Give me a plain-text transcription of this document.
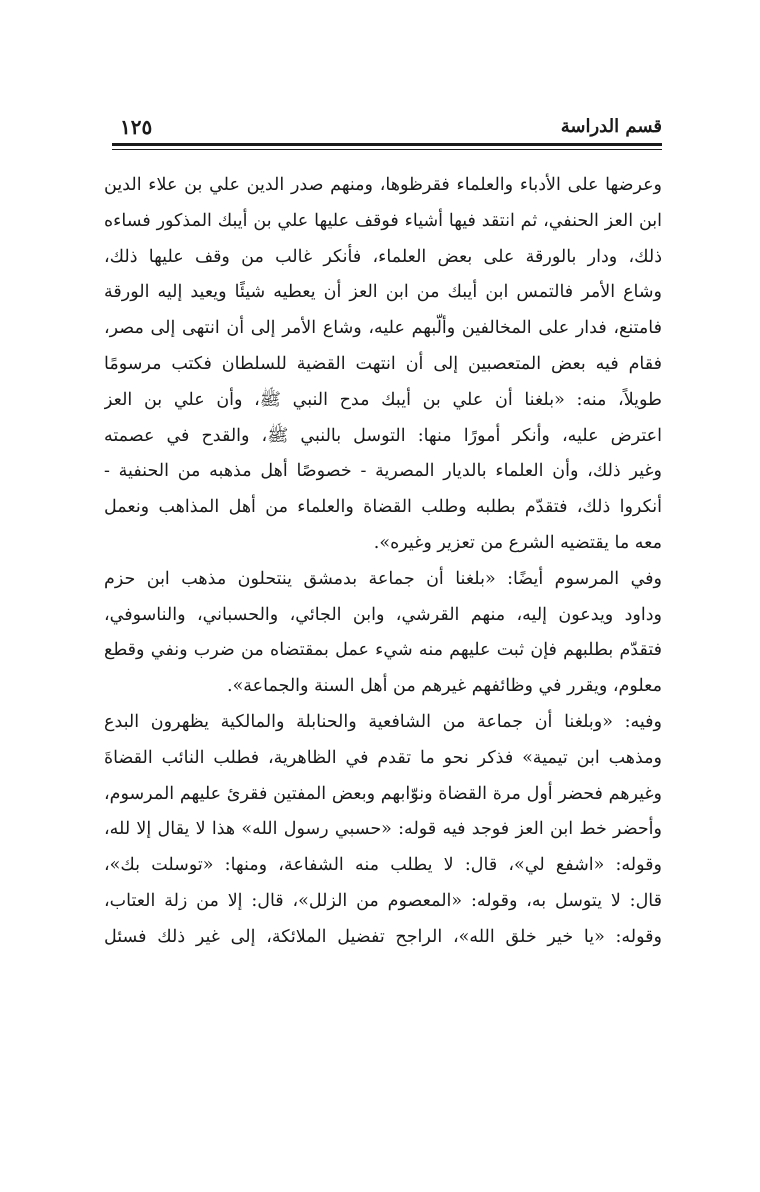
قسم الدراسة
١٢٥
وعرضها على الأدباء والعلماء فقرظوها، ومنهم صدر الدين علي بن علاء الدين
ابن العز الحنفي، ثم انتقد فيها أشياء فوقف عليها علي بن أيبك المذكور فساءه
ذلك، ودار بالورقة على بعض العلماء، فأنكر غالب من وقف عليها ذلك،
وشاع الأمر فالتمس ابن أيبك من ابن العز أن يعطيه شيئًا ويعيد إليه الورقة
فامتنع، فدار على المخالفين وألّبهم عليه، وشاع الأمر إلى أن انتهى إلى مصر،
فقام فيه بعض المتعصبين إلى أن انتهت القضية للسلطان فكتب مرسومًا
طويلاً، منه: «بلغنا أن علي بن أيبك مدح النبي ﷺ، وأن علي بن العز
اعترض عليه، وأنكر أمورًا منها: التوسل بالنبي ﷺ، والقدح في عصمته
وغير ذلك، وأن العلماء بالديار المصرية - خصوصًا أهل مذهبه من الحنفية -
أنكروا ذلك، فتقدّم بطلبه وطلب القضاة والعلماء من أهل المذاهب ونعمل
معه ما يقتضيه الشرع من تعزير وغيره».
وفي المرسوم أيضًا: «بلغنا أن جماعة بدمشق ينتحلون مذهب ابن حزم
وداود ويدعون إليه، منهم القرشي، وابن الجائي، والحسباني، والناسوفي،
فتقدّم بطلبهم فإن ثبت عليهم منه شيء عمل بمقتضاه من ضرب ونفي وقطع
معلوم، ويقرر في وظائفهم غيرهم من أهل السنة والجماعة».
وفيه: «وبلغنا أن جماعة من الشافعية والحنابلة والمالكية يظهرون البدع
ومذهب ابن تيمية» فذكر نحو ما تقدم في الظاهرية، فطلب النائب القضاةَ
وغيرهم فحضر أول مرة القضاة ونوّابهم وبعض المفتين فقرئ عليهم المرسوم،
وأحضر خط ابن العز فوجد فيه قوله: «حسبي رسول الله» هذا لا يقال إلا لله،
وقوله: «اشفع لي»، قال: لا يطلب منه الشفاعة، ومنها: «توسلت بك»،
قال: لا يتوسل به، وقوله: «المعصوم من الزلل»، قال: إلا من زلة العتاب،
وقوله: «يا خير خلق الله»، الراجح تفضيل الملائكة، إلى غير ذلك فسئل
